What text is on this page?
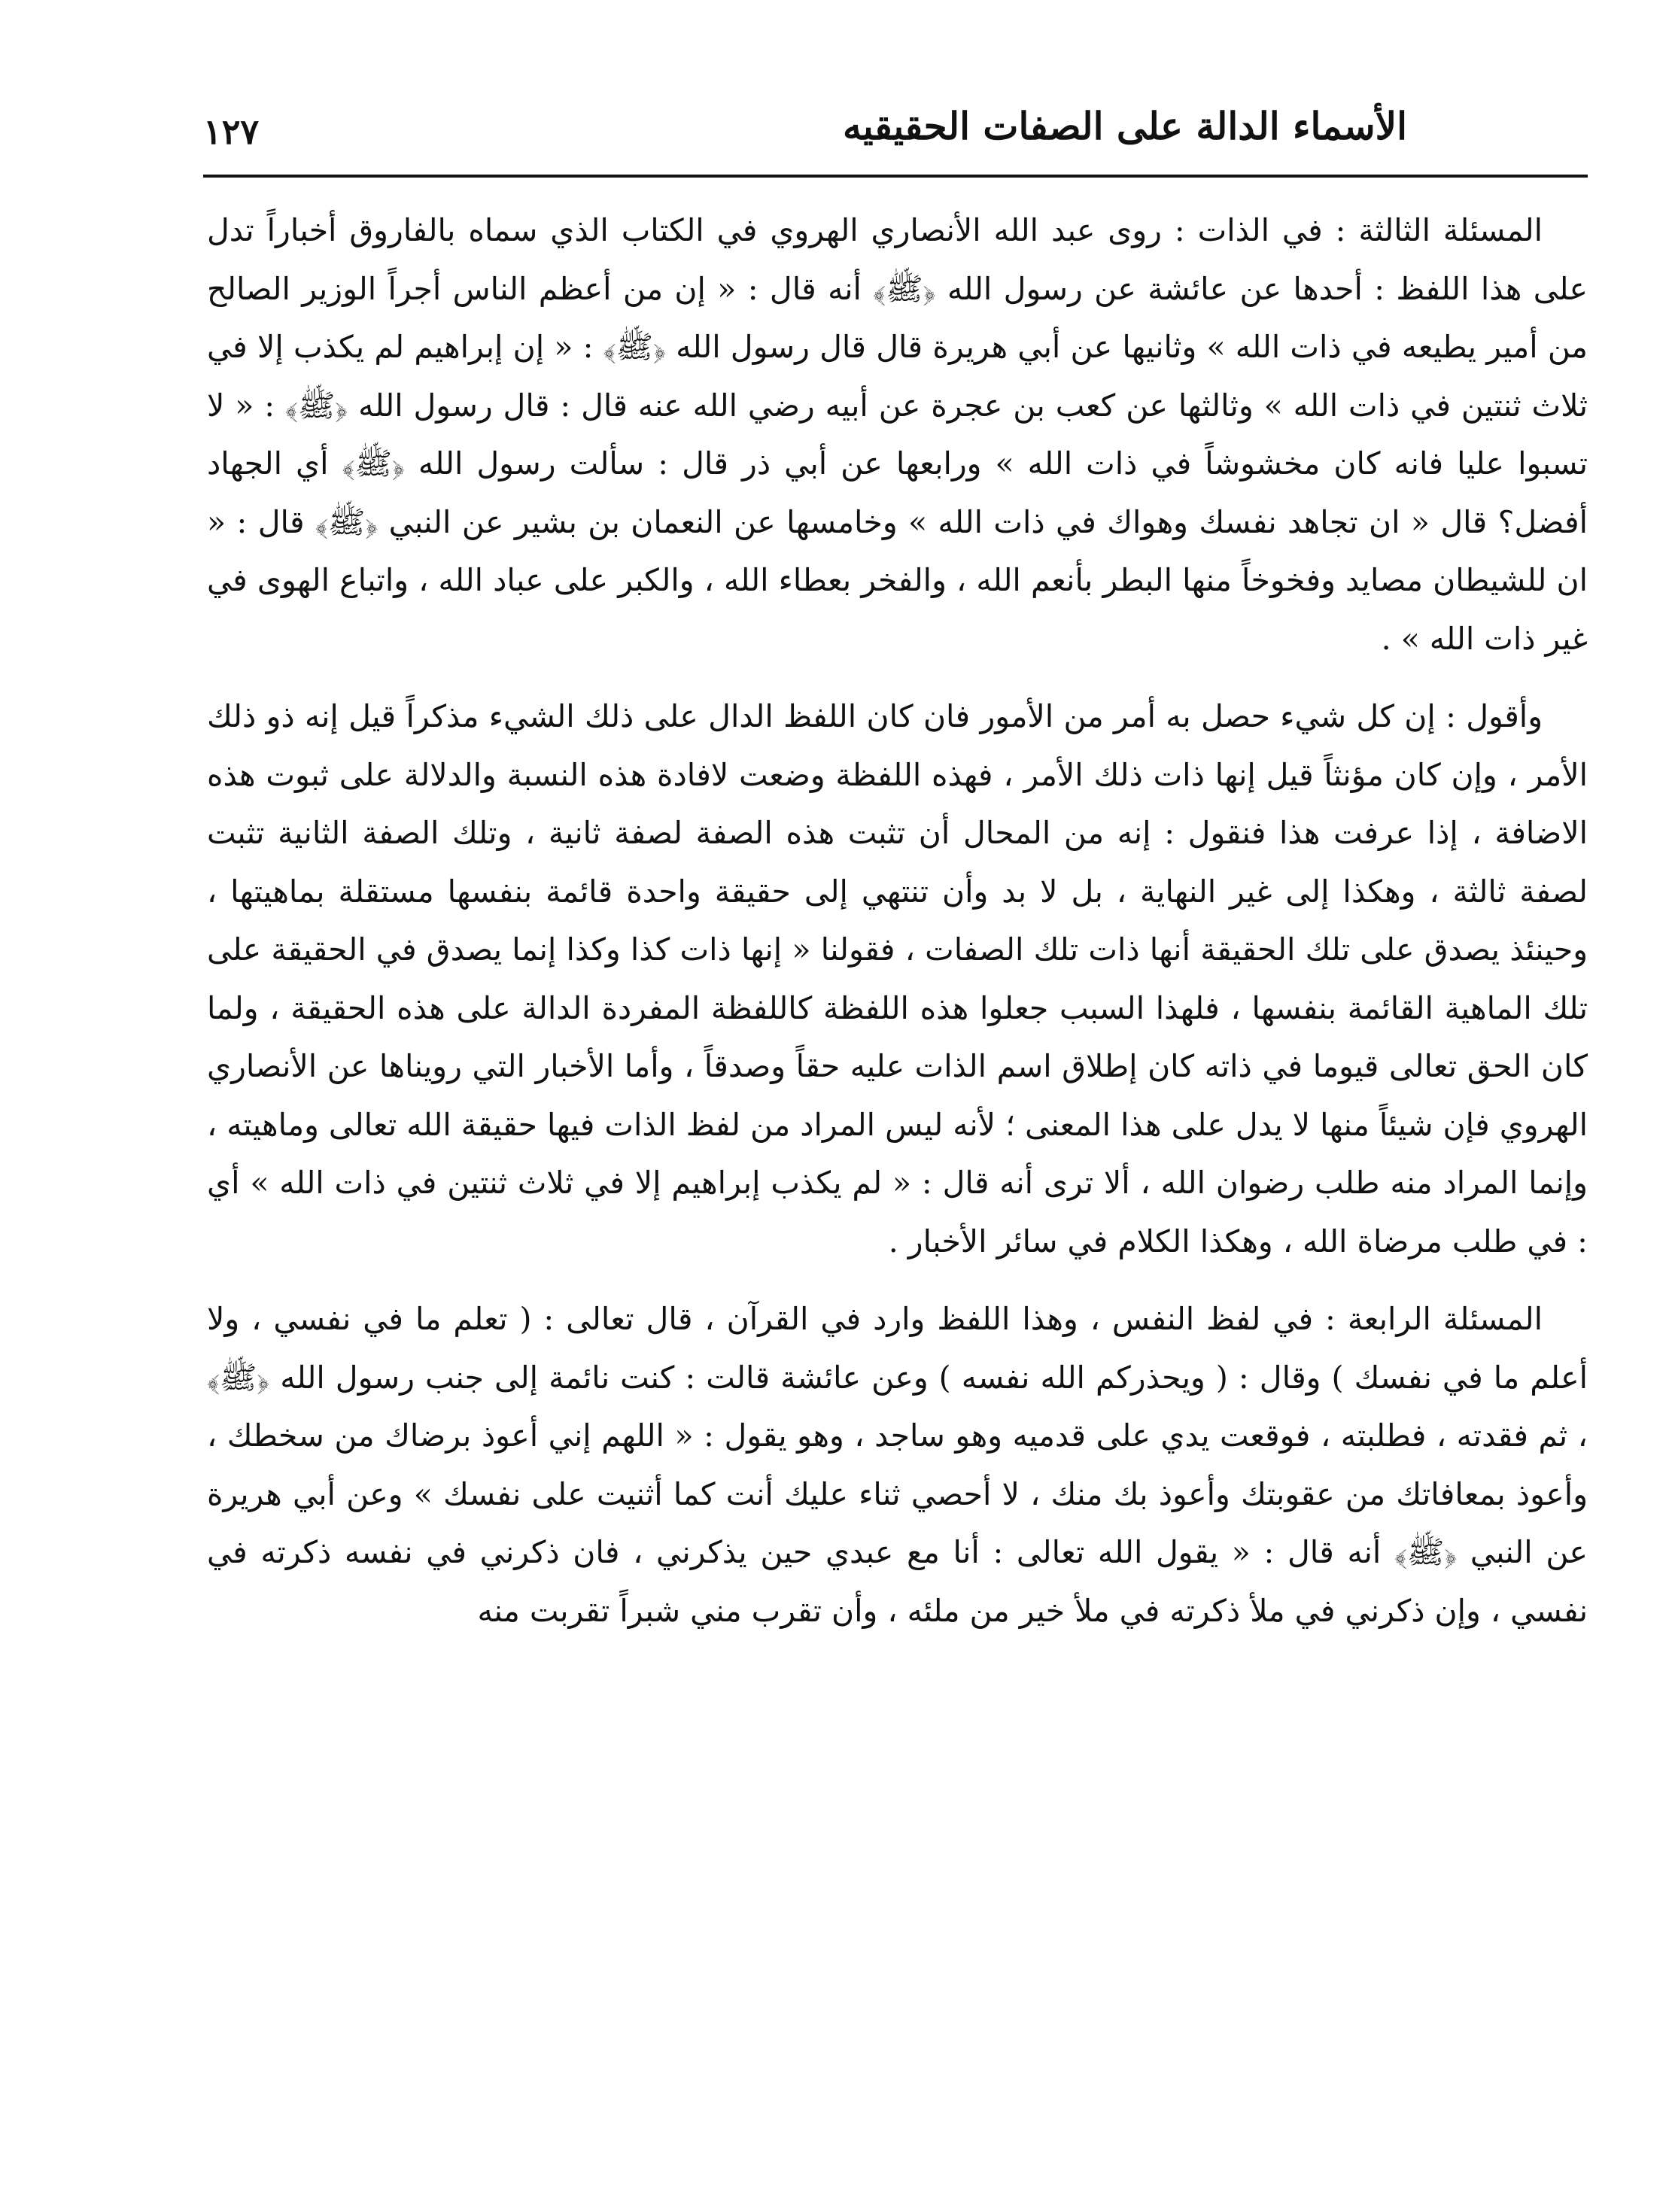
الأسماء الدالة على الصفات الحقيقيه
١٢٧

المسئلة الثالثة : في الذات : روى عبد الله الأنصاري الهروي في الكتاب الذي سماه بالفاروق أخباراً تدل على هذا اللفظ : أحدها عن عائشة عن رسول الله ﴿ﷺ﴾ أنه قال : « إن من أعظم الناس أجراً الوزير الصالح من أمير يطيعه في ذات الله » وثانيها عن أبي هريرة قال قال رسول الله ﴿ﷺ﴾ : « إن إبراهيم لم يكذب إلا في ثلاث ثنتين في ذات الله » وثالثها عن كعب بن عجرة عن أبيه رضي الله عنه قال : قال رسول الله ﴿ﷺ﴾ : « لا تسبوا عليا فانه كان مخشوشاً في ذات الله » ورابعها عن أبي ذر قال : سألت رسول الله ﴿ﷺ﴾ أي الجهاد أفضل؟ قال « ان تجاهد نفسك وهواك في ذات الله » وخامسها عن النعمان بن بشير عن النبي ﴿ﷺ﴾ قال : « ان للشيطان مصايد وفخوخاً منها البطر بأنعم الله ، والفخر بعطاء الله ، والكبر على عباد الله ، واتباع الهوى في غير ذات الله » .

وأقول : إن كل شيء حصل به أمر من الأمور فان كان اللفظ الدال على ذلك الشيء مذكراً قيل إنه ذو ذلك الأمر ، وإن كان مؤنثاً قيل إنها ذات ذلك الأمر ، فهذه اللفظة وضعت لافادة هذه النسبة والدلالة على ثبوت هذه الاضافة ، إذا عرفت هذا فنقول : إنه من المحال أن تثبت هذه الصفة لصفة ثانية ، وتلك الصفة الثانية تثبت لصفة ثالثة ، وهكذا إلى غير النهاية ، بل لا بد وأن تنتهي إلى حقيقة واحدة قائمة بنفسها مستقلة بماهيتها ، وحينئذ يصدق على تلك الحقيقة أنها ذات تلك الصفات ، فقولنا « إنها ذات كذا وكذا إنما يصدق في الحقيقة على تلك الماهية القائمة بنفسها ، فلهذا السبب جعلوا هذه اللفظة كاللفظة المفردة الدالة على هذه الحقيقة ، ولما كان الحق تعالى قيوما في ذاته كان إطلاق اسم الذات عليه حقاً وصدقاً ، وأما الأخبار التي رويناها عن الأنصاري الهروي فإن شيئاً منها لا يدل على هذا المعنى ؛ لأنه ليس المراد من لفظ الذات فيها حقيقة الله تعالى وماهيته ، وإنما المراد منه طلب رضوان الله ، ألا ترى أنه قال : « لم يكذب إبراهيم إلا في ثلاث ثنتين في ذات الله » أي : في طلب مرضاة الله ، وهكذا الكلام في سائر الأخبار .

المسئلة الرابعة : في لفظ النفس ، وهذا اللفظ وارد في القرآن ، قال تعالى : ( تعلم ما في نفسي ، ولا أعلم ما في نفسك ) وقال : ( ويحذركم الله نفسه ) وعن عائشة قالت : كنت نائمة إلى جنب رسول الله ﴿ﷺ﴾ ، ثم فقدته ، فطلبته ، فوقعت يدي على قدميه وهو ساجد ، وهو يقول : « اللهم إني أعوذ برضاك من سخطك ، وأعوذ بمعافاتك من عقوبتك وأعوذ بك منك ، لا أحصي ثناء عليك أنت كما أثنيت على نفسك » وعن أبي هريرة عن النبي ﴿ﷺ﴾ أنه قال : « يقول الله تعالى : أنا مع عبدي حين يذكرني ، فان ذكرني في نفسه ذكرته في نفسي ، وإن ذكرني في ملأ ذكرته في ملأ خير من ملئه ، وأن تقرب مني شبراً تقربت منه
